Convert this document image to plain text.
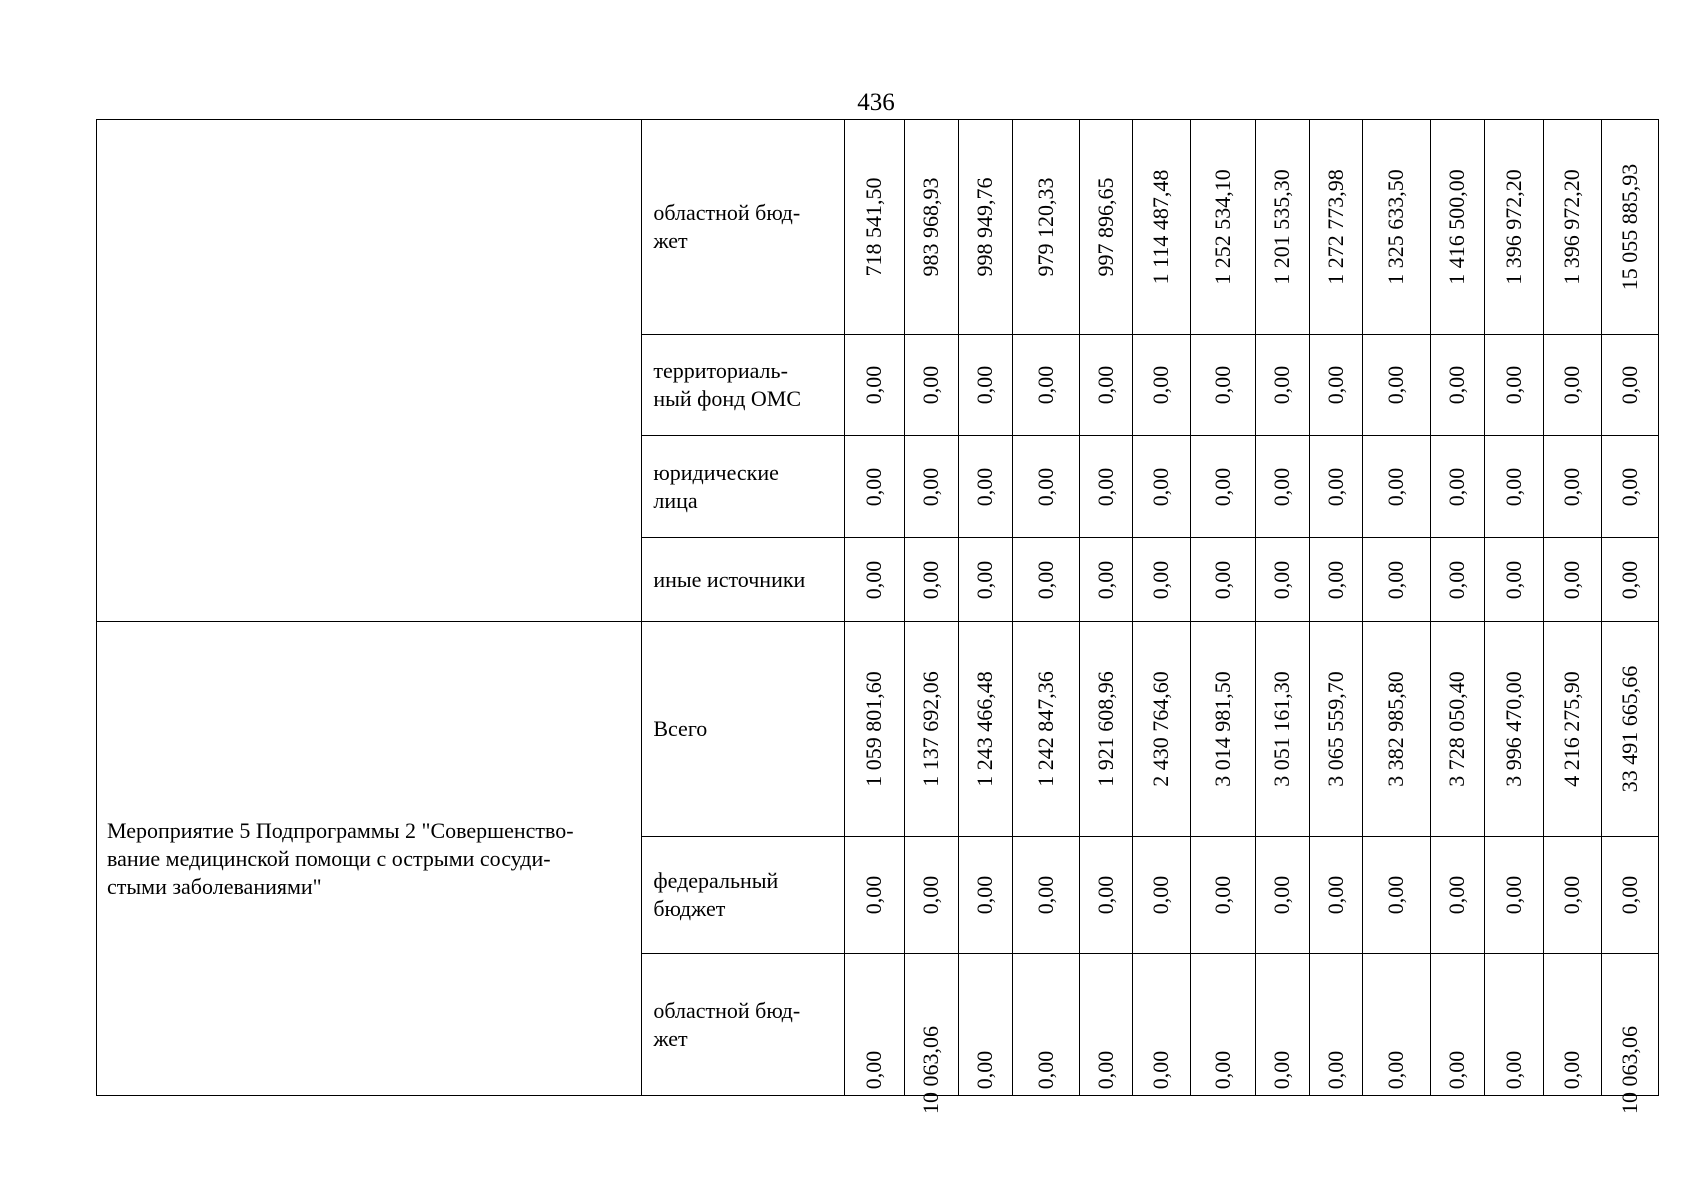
436

	областной бюд-
жет	718 541,50	983 968,93	998 949,76	979 120,33	997 896,65	1 114 487,48	1 252 534,10	1 201 535,30	1 272 773,98	1 325 633,50	1 416 500,00	1 396 972,20	1 396 972,20	15 055 885,93

	территориаль-
ный фонд ОМС	0,00	0,00	0,00	0,00	0,00	0,00	0,00	0,00	0,00	0,00	0,00	0,00	0,00	0,00

	юридические
лица	0,00	0,00	0,00	0,00	0,00	0,00	0,00	0,00	0,00	0,00	0,00	0,00	0,00	0,00

	иные источники	0,00	0,00	0,00	0,00	0,00	0,00	0,00	0,00	0,00	0,00	0,00	0,00	0,00	0,00

Мероприятие 5 Подпрограммы 2 "Совершенство-
вание медицинской помощи с острыми сосуди-
стыми заболеваниями"	Всего	1 059 801,60	1 137 692,06	1 243 466,48	1 242 847,36	1 921 608,96	2 430 764,60	3 014 981,50	3 051 161,30	3 065 559,70	3 382 985,80	3 728 050,40	3 996 470,00	4 216 275,90	33 491 665,66

	федеральный
бюджет	0,00	0,00	0,00	0,00	0,00	0,00	0,00	0,00	0,00	0,00	0,00	0,00	0,00	0,00

	областной бюд-
жет	0,00	10 063,06	0,00	0,00	0,00	0,00	0,00	0,00	0,00	0,00	0,00	0,00	0,00	10 063,06
